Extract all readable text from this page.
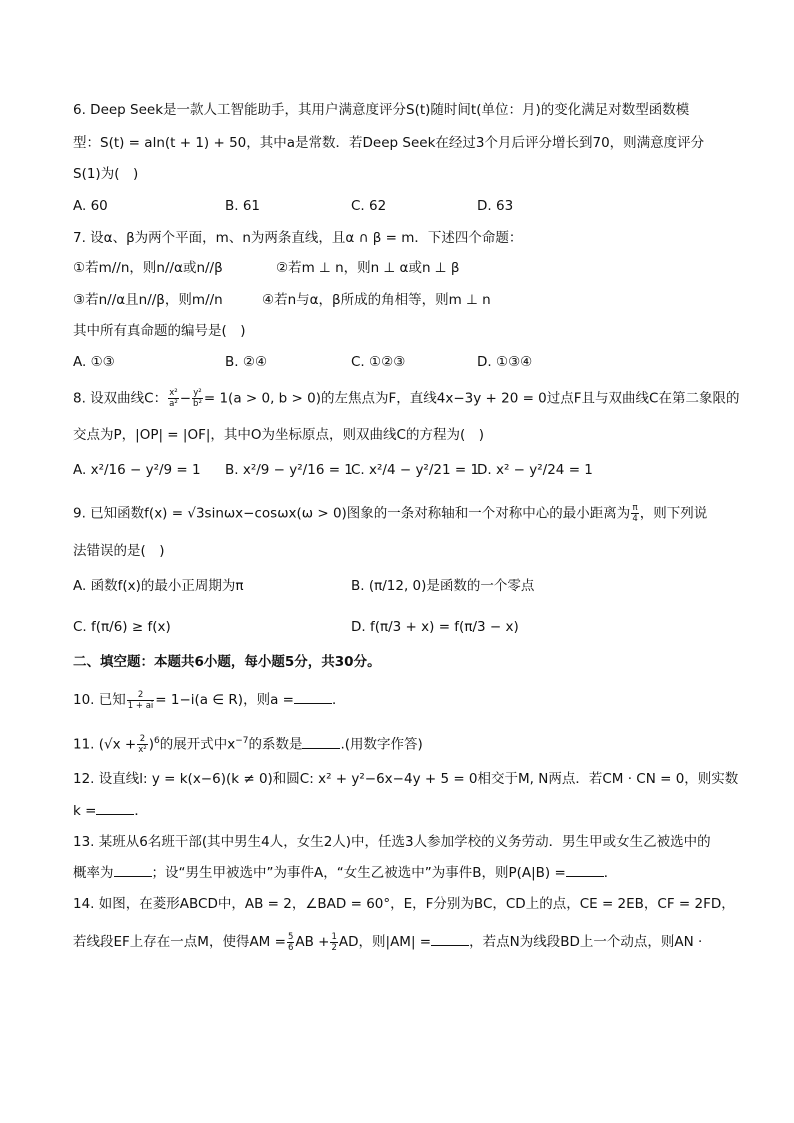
6. Deep Seek是一款人工智能助手，其用户满意度评分S(t)随时间t(单位：月)的变化满足对数型函数模
型：S(t) = aln(t + 1) + 50，其中a是常数．若Deep Seek在经过3个月后评分增长到70，则满意度评分
S(1)为(　)
A. 60	B. 61	C. 62	D. 63
7. 设α、β为两个平面，m、n为两条直线，且α ∩ β = m．下述四个命题：
①若m//n，则n//α或n//β	②若m ⊥ n，则n ⊥ α或n ⊥ β
③若n//α且n//β，则m//n	④若n与α，β所成的角相等，则m ⊥ n
其中所有真命题的编号是(　)
A. ①③	B. ②④	C. ①②③	D. ①③④
8. 设双曲线C： $\frac{\text{x²}}{\text{a²}} - \frac{\text{y²}}{\text{b²}} = 1(a > 0$, b > 0)的左焦点为F，直线4x−3y + 20 = 0过点F且与双曲线C在第二象限的
交点为P，|OP| = |OF|，其中O为坐标原点，则双曲线C的方程为(　)
A. x²/16 − y²/9 = 1 B. x²/9 − y²/16 = 1
C. x²/4 − y²/21 = 1
D. x² − y²/24 = 1
9. 已知函数f(x) = √3sinωx−cosωx(ω > 0)图象的一条对称轴和一个对称中心的最小距离为 $\frac{\pi}{4}$ ，则下列说
法错误的是(　)
A. 函数f(x)的最小正周期为π	B. (π/12, 0)是函数的一个零点
C. f(π/6) ≥ f(x)	D. f(π/3 + x) = f(π/3 − x)
二、填空题：本题共6小题，每小题5分，共30分。
10. 已知 $\frac{2}{1 + ai} = 1-i(a$ ∈ R)，则a =	．
11. $(√x + \frac{2}{\text{x²}} )^6$的展开式中$x^{-7}$的系数是	.(用数字作答)
12. 设直线l: y = k(x−6)(k ≠ 0)和圆C: x² + y²−6x−4y + 5 = 0相交于M, N两点．若CM · CN = 0，则实数
k =	．
13. 某班从6名班干部(其中男生4人，女生2人)中，任选3人参加学校的义务劳动．男生甲或女生乙被选中的
概率为	；设“男生甲被选中”为事件A，“女生乙被选中”为事件B，则P(A|B) =	．
14. 如图，在菱形ABCD中，AB = 2，∠BAD = 60°，E，F分别为BC，CD上的点，CE = 2EB，CF = 2FD，
若线段EF上存在一点M，使得AM = $\frac{5}{6}$ AB + $\frac{1}{2}$ AD，则|AM| =	，若点N为线段BD上一个动点，则AN ·
